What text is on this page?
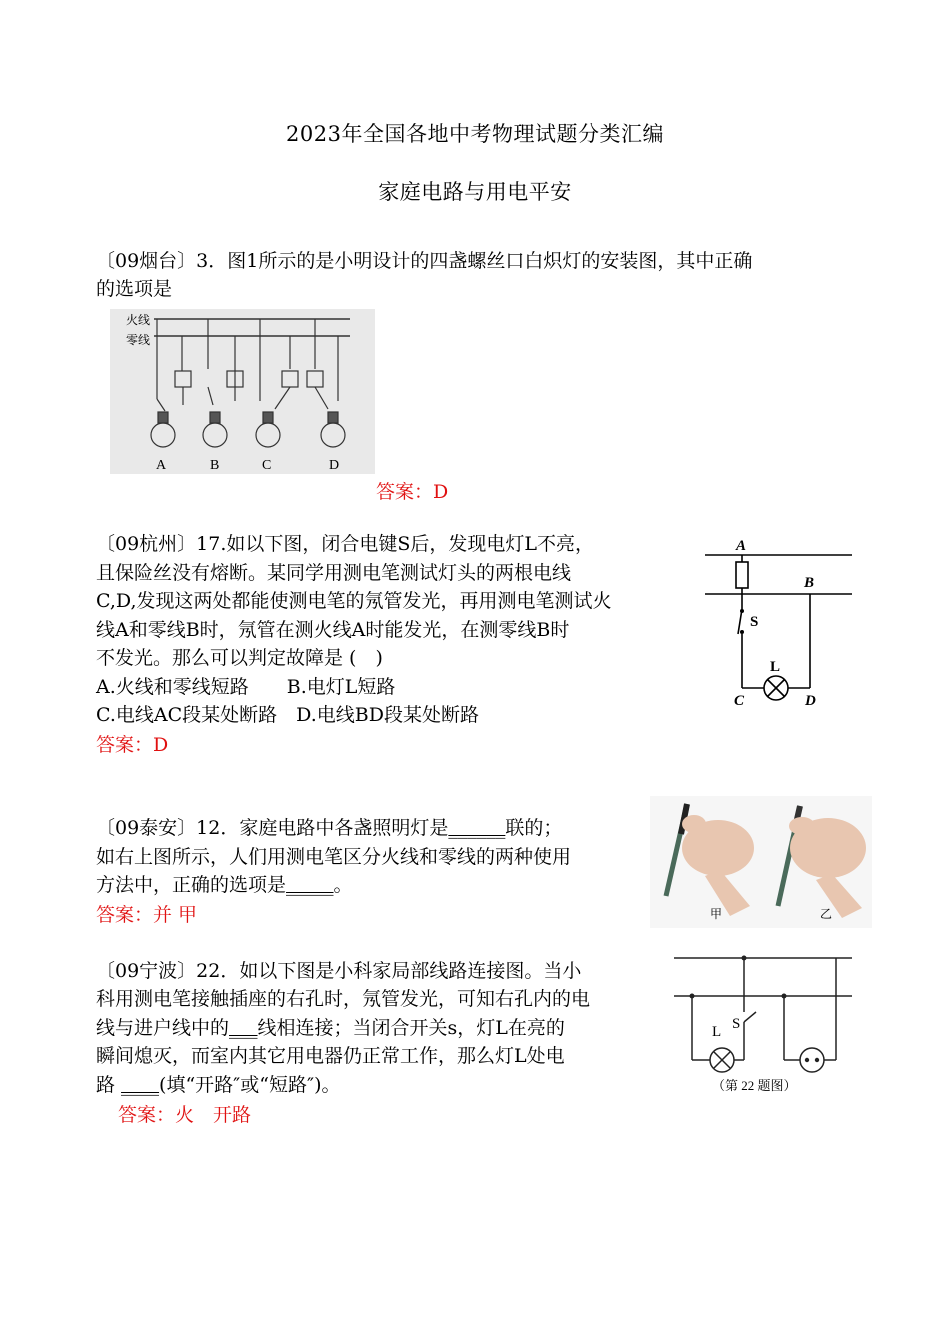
2023年全国各地中考物理试题分类汇编
家庭电路与用电平安
〔09烟台〕3．图1所示的是小明设计的四盏螺丝口白炽灯的安装图，其中正确
的选项是
火线
零线
A	B	C	D
答案：D
〔09杭州〕17.如以下图，闭合电键S后，发现电灯L不亮，
且保险丝没有熔断。某同学用测电笔测试灯头的两根电线
C,D,发现这两处都能使测电笔的氖管发光，再用测电笔测试火
线A和零线B时，氖管在测火线A时能发光，在测零线B时
不发光。那么可以判定故障是 (　)
A.火线和零线短路　　B.电灯L短路
C.电线AC段某处断路　D.电线BD段某处断路
答案：D
A
B
S
L
C	D
〔09泰安〕12．家庭电路中各盏照明灯是______联的；
如右上图所示，人们用测电笔区分火线和零线的两种使用
方法中，正确的选项是_____。
答案：并 甲	甲	乙
〔09宁波〕22．如以下图是小科家局部线路连接图。当小
科用测电笔接触插座的右孔时，氖管发光，可知右孔内的电
线与进户线中的___线相连接；当闭合开关s，灯L在亮的
瞬间熄灭，而室内其它用电器仍正常工作，那么灯L处电
路 ____(填“开路″或“短路″)。
答案：火　开路
L S
（第 22 题图）
